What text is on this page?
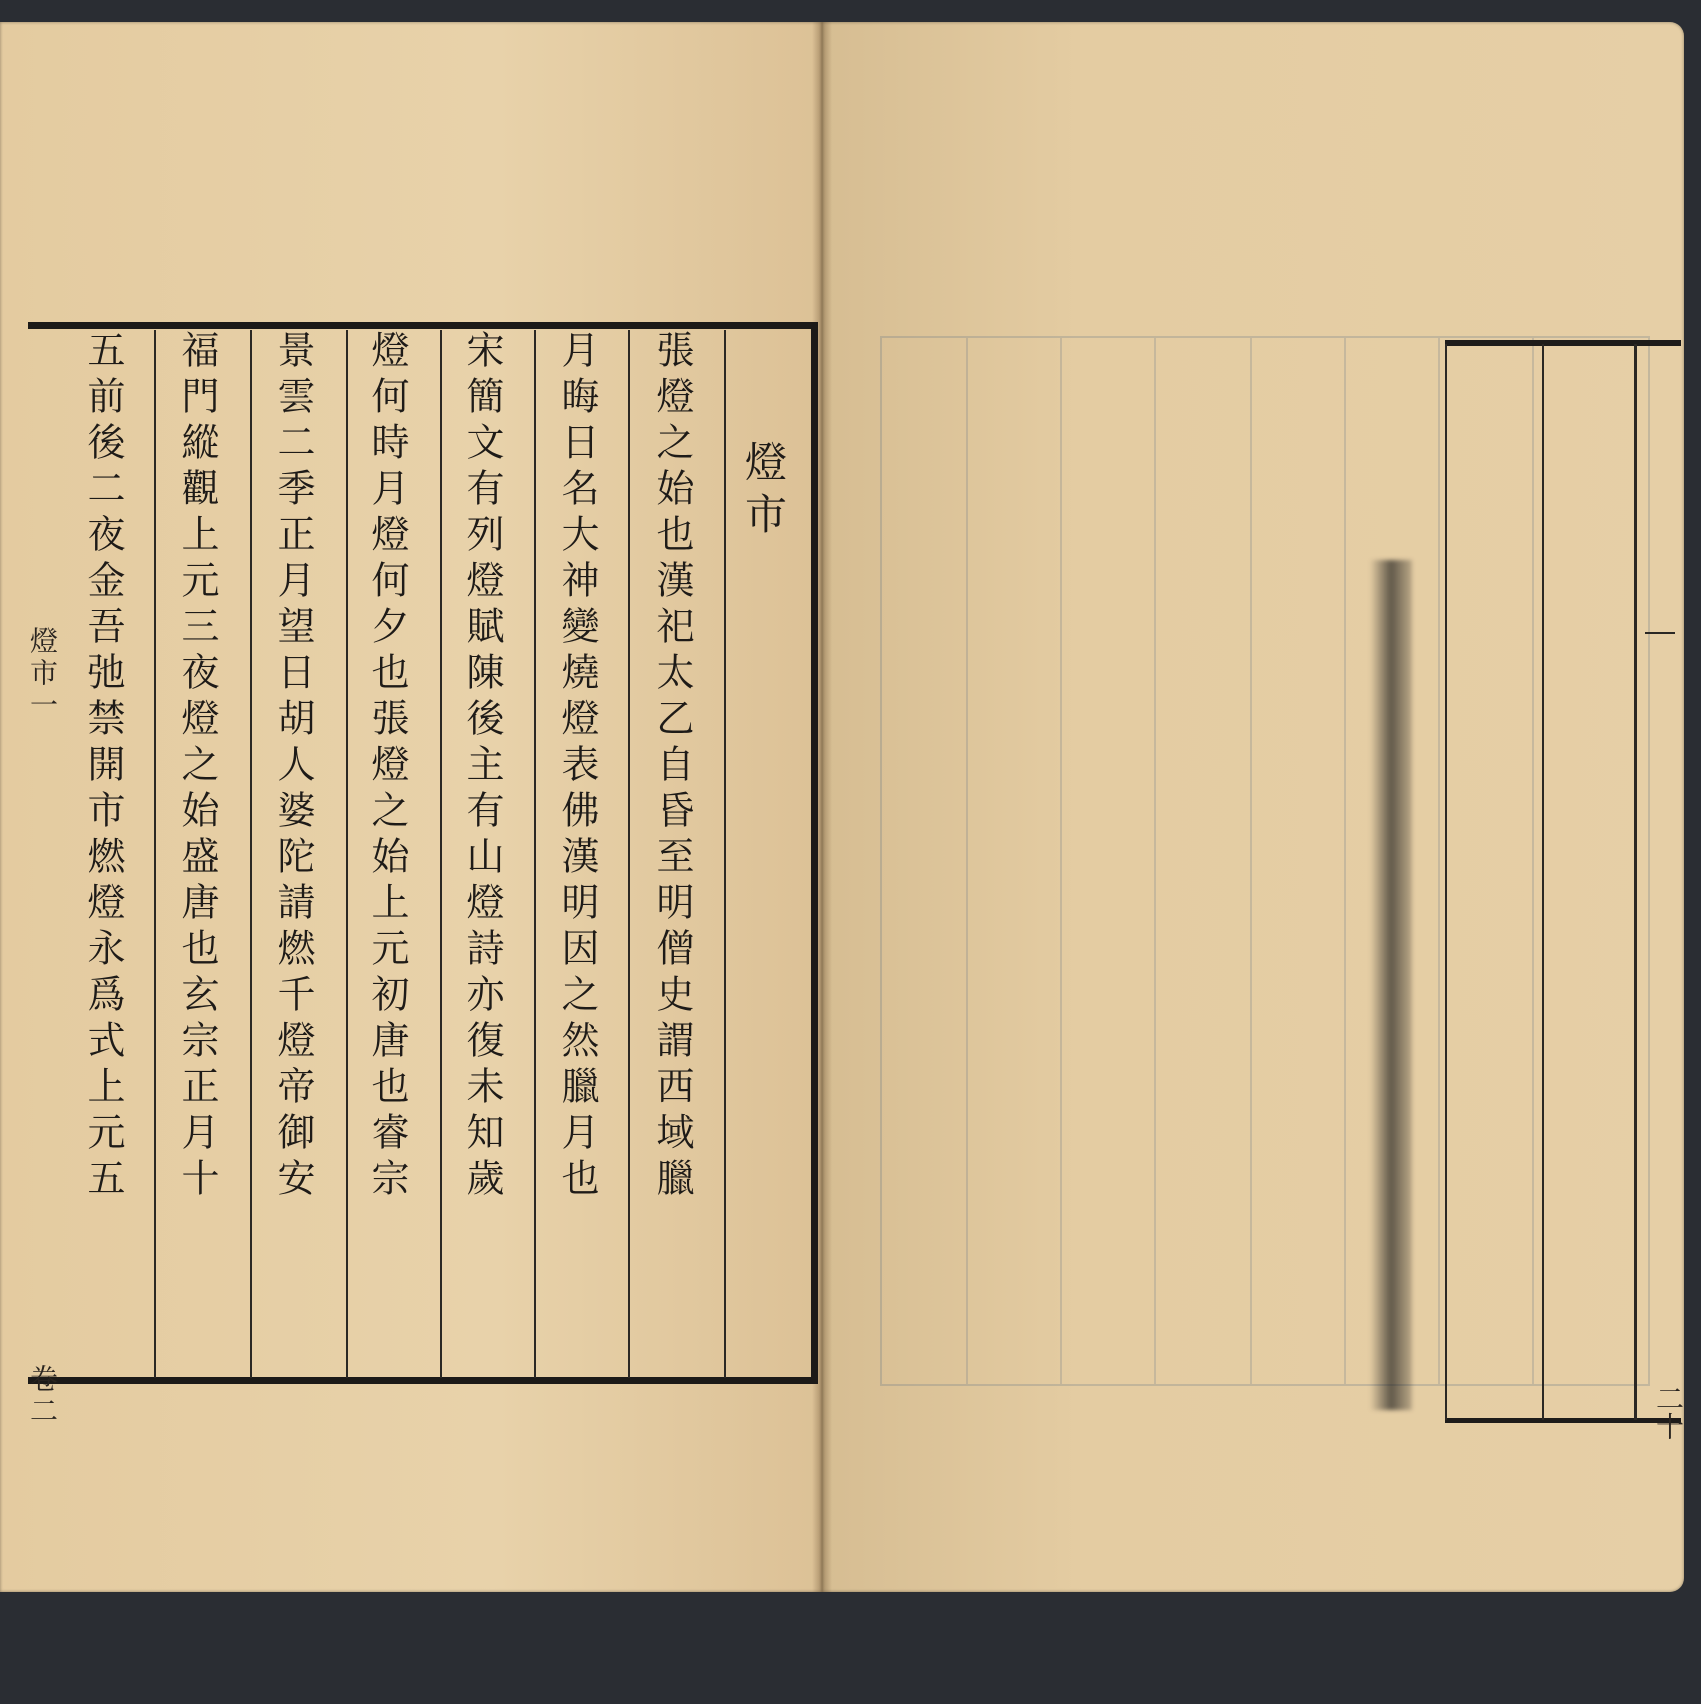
燈市
張燈之始也漢祀太乙自昏至明僧史謂西域臘
月晦日名大神變燒燈表佛漢明因之然臘月也
宋簡文有列燈賦陳後主有山燈詩亦復未知歲
燈何時月燈何夕也張燈之始上元初唐也睿宗
景雲二季正月望日胡人婆陀請燃千燈帝御安
福門縱觀上元三夜燈之始盛唐也玄宗正月十
五前後二夜金吾弛禁開市燃燈永爲式上元五
燈市一
卷二	二十
